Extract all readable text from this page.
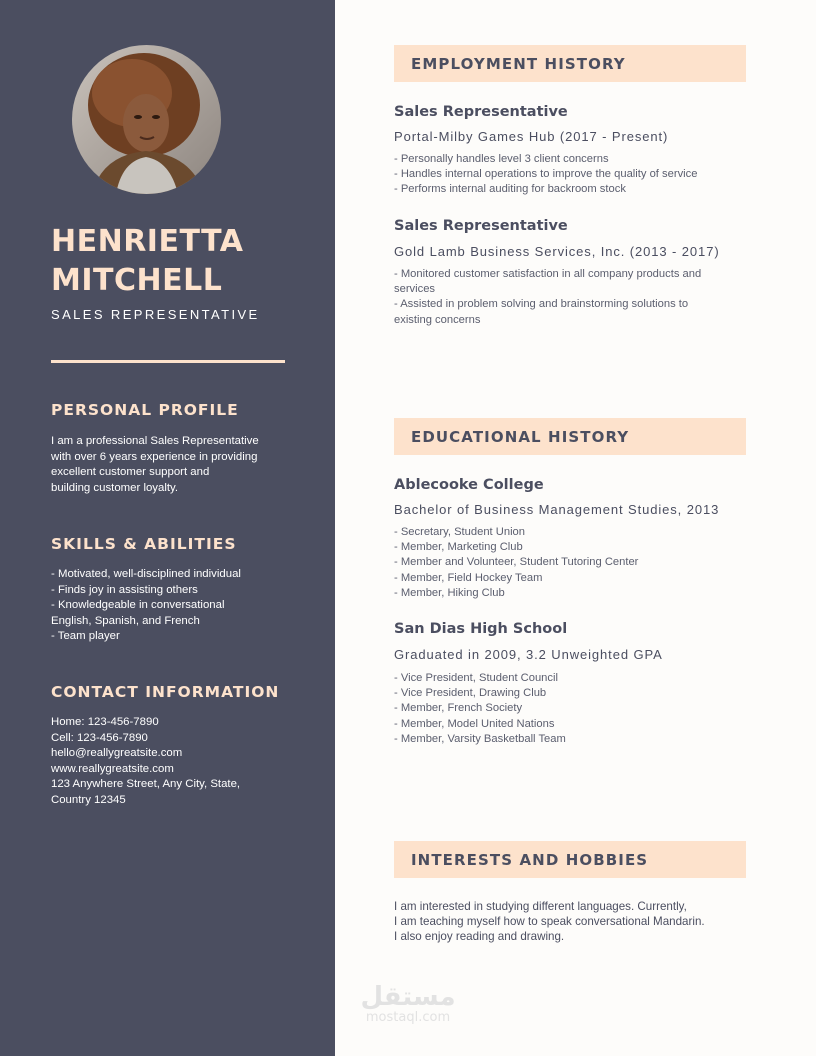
HENRIETTA
MITCHELL
SALES REPRESENTATIVE
PERSONAL PROFILE
I am a professional Sales Representative
with over 6 years experience in providing
excellent customer support and
building customer loyalty.
SKILLS & ABILITIES
- Motivated, well-disciplined individual
- Finds joy in assisting others
- Knowledgeable in conversational
English, Spanish, and French
- Team player
CONTACT INFORMATION
Home: 123-456-7890
Cell: 123-456-7890
hello@reallygreatsite.com
www.reallygreatsite.com
123 Anywhere Street, Any City, State,
Country 12345
EMPLOYMENT HISTORY
Sales Representative
Portal-Milby Games Hub (2017 - Present)
- Personally handles level 3 client concerns
- Handles internal operations to improve the quality of service
- Performs internal auditing for backroom stock
Sales Representative
Gold Lamb Business Services, Inc. (2013 - 2017)
- Monitored customer satisfaction in all company products and
services
- Assisted in problem solving and brainstorming solutions to
existing concerns
EDUCATIONAL HISTORY
Ablecooke College
Bachelor of Business Management Studies, 2013
- Secretary, Student Union
- Member, Marketing Club
- Member and Volunteer, Student Tutoring Center
- Member, Field Hockey Team
- Member, Hiking Club
San Dias High School
Graduated in 2009, 3.2 Unweighted GPA
- Vice President, Student Council
- Vice President, Drawing Club
- Member, French Society
- Member, Model United Nations
- Member, Varsity Basketball Team
INTERESTS AND HOBBIES
I am interested in studying different languages. Currently,
I am teaching myself how to speak conversational Mandarin.
I also enjoy reading and drawing.
مستقل
mostaql.com
